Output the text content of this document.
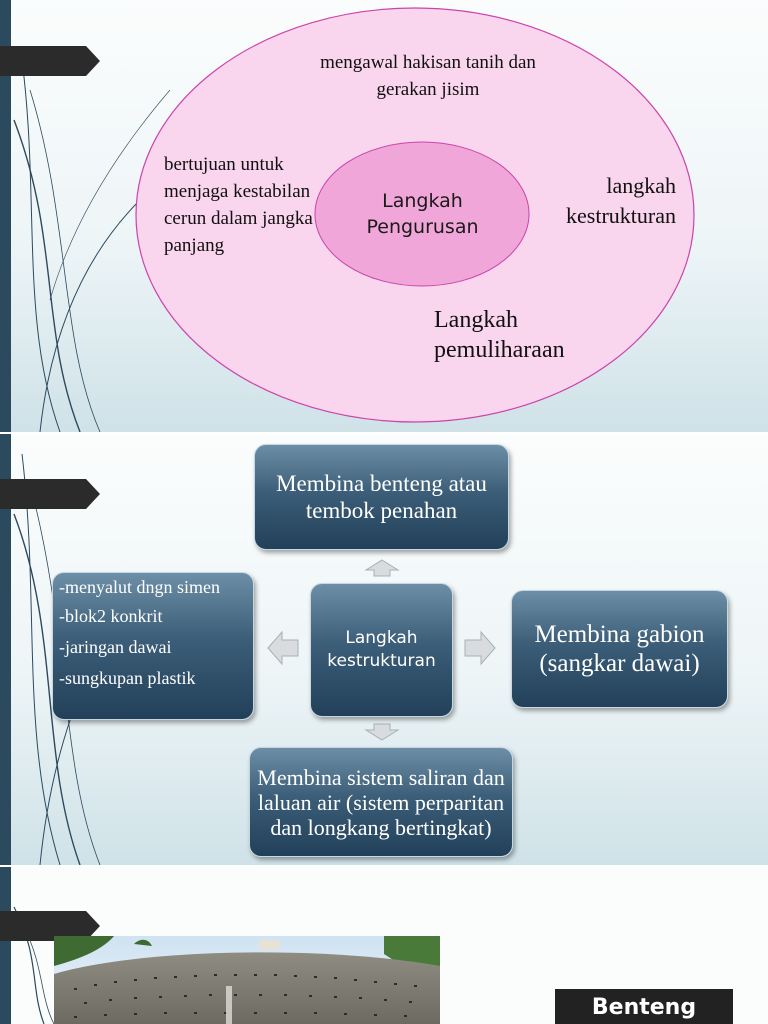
Langkah Pengurusan
mengawal hakisan tanih dan gerakan jisim
bertujuan untuk menjaga kestabilan cerun dalam jangka panjang
langkah kestrukturan
Langkah pemuliharaan
Langkah kestrukturan
Membina benteng atau tembok penahan
Membina gabion (sangkar dawai)
Membina sistem saliran dan laluan air (sistem perparitan dan longkang bertingkat)
-menyalut dngn simen
-blok2 konkrit
-jaringan dawai
-sungkupan plastik
Benteng
